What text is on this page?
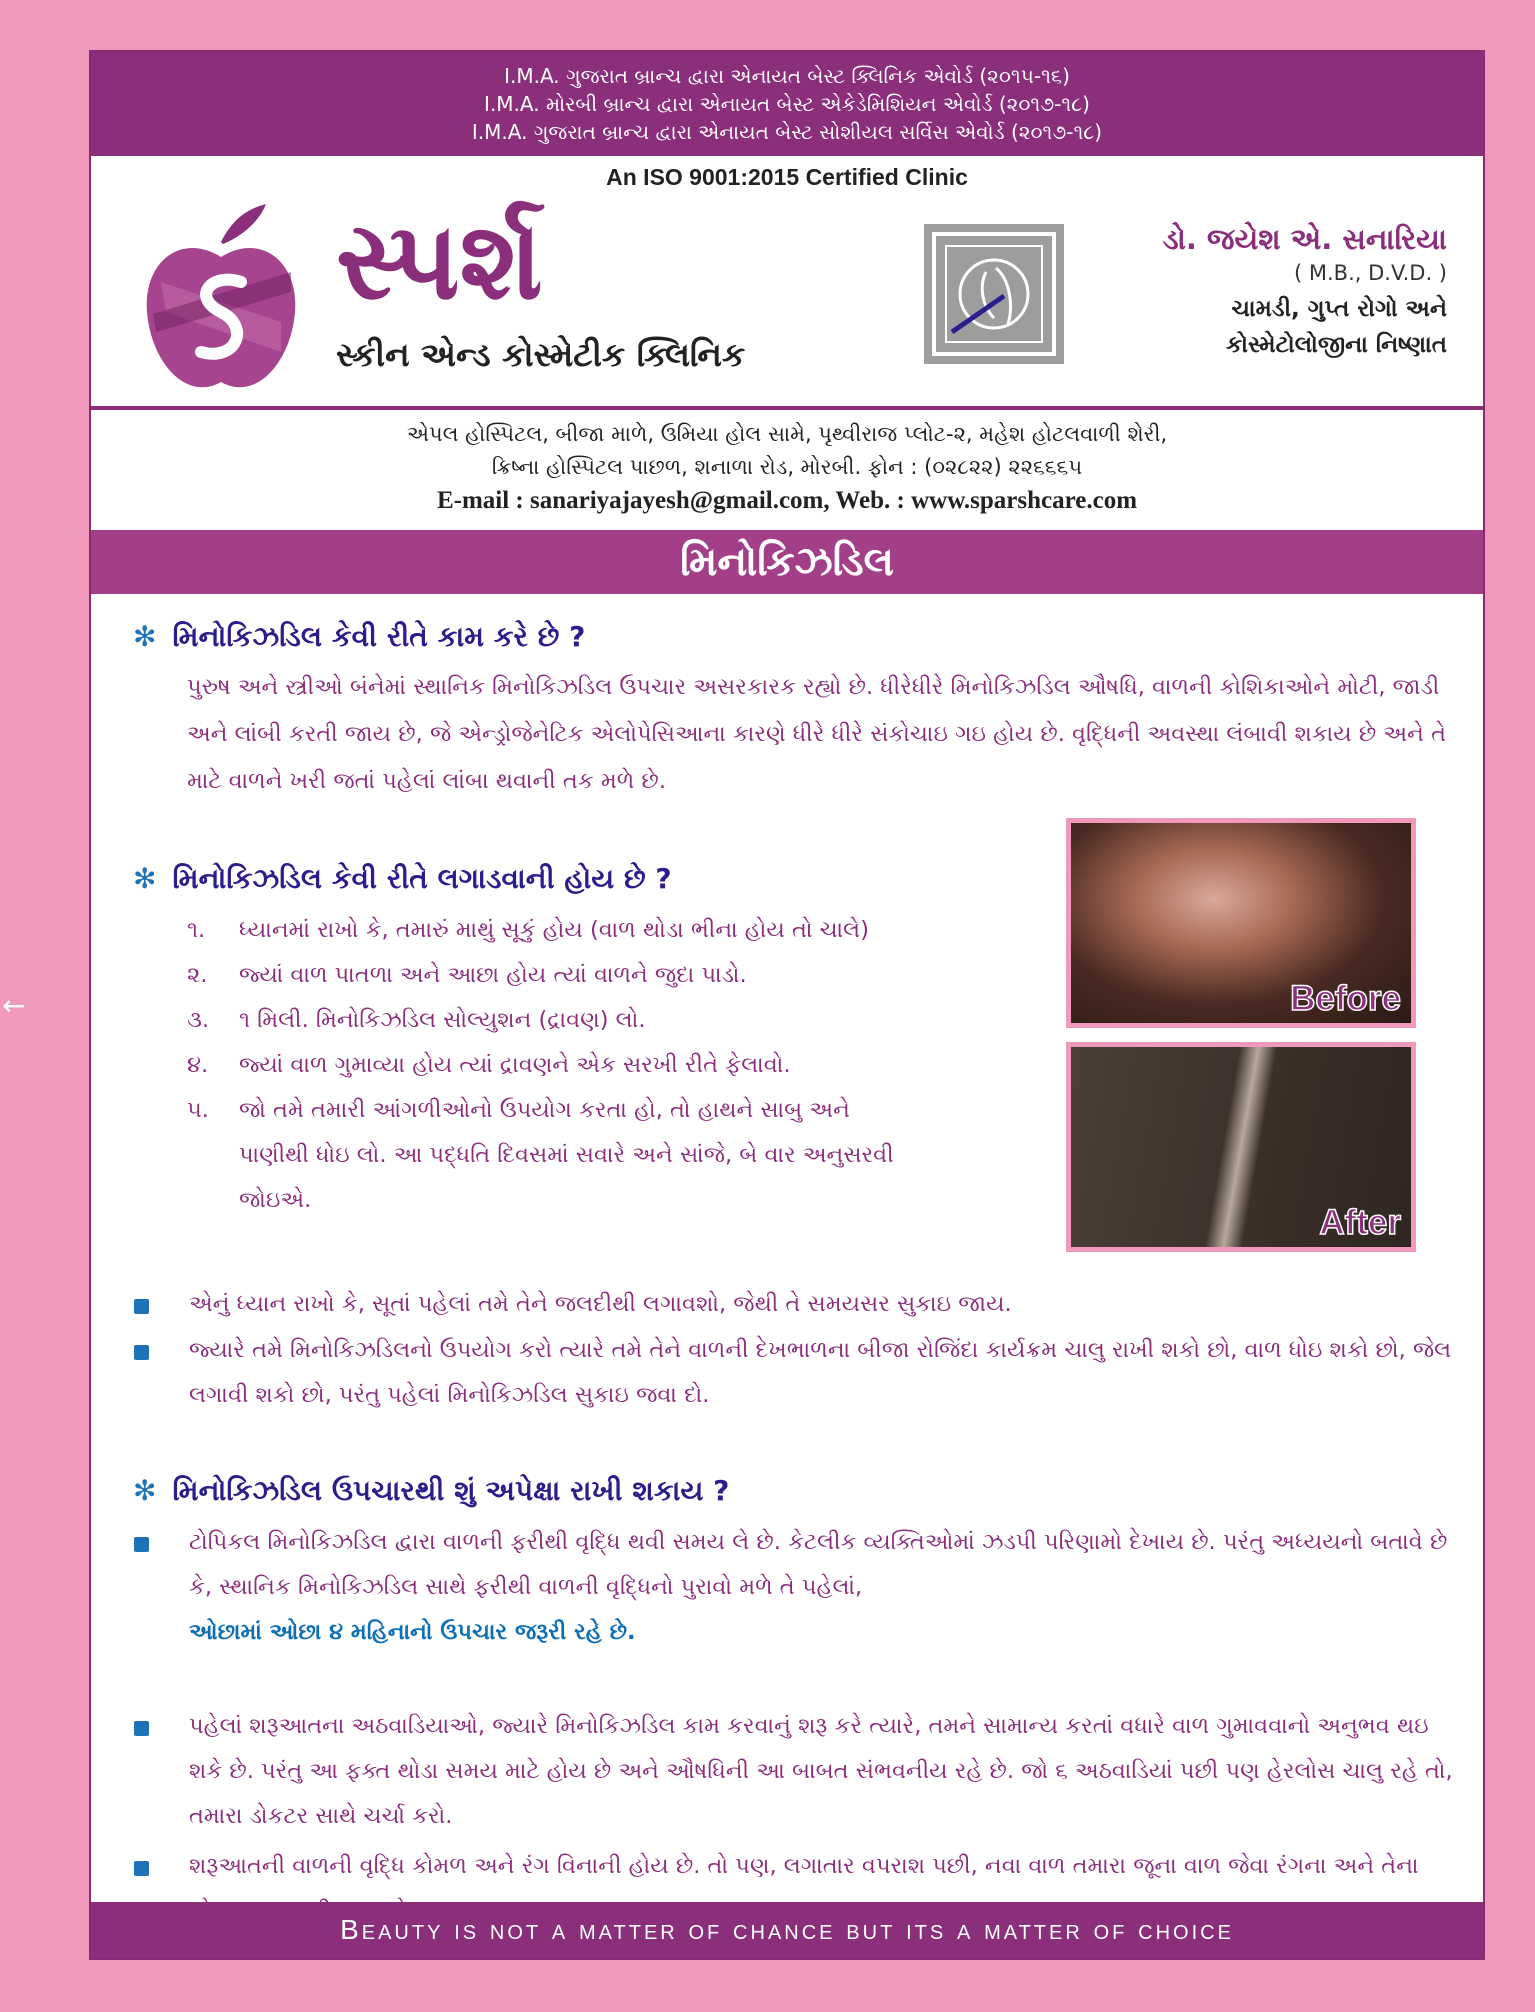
←
I.M.A. ગુજરાત બ્રાન્ચ દ્વારા એનાયત બેસ્ટ ક્લિનિક એવોર્ડ (૨૦૧૫-૧૬)
I.M.A. મોરબી બ્રાન્ચ દ્વારા એનાયત બેસ્ટ એકેડેમિશિયન એવોર્ડ (૨૦૧૭-૧૮)
I.M.A. ગુજરાત બ્રાન્ચ દ્વારા એનાયત બેસ્ટ સોશીયલ સર્વિસ એવોર્ડ (૨૦૧૭-૧૮)
An ISO 9001:2015 Certified Clinic
સ્પર્શ
સ્કીન એન્ડ કોસ્મેટીક ક્લિનિક
ડો. જયેશ એ. સનારિયા
( M.B., D.V.D. )
ચામડી, ગુપ્ત રોગો અને
કોસ્મેટોલોજીના નિષ્ણાત
એપલ હોસ્પિટલ, બીજા માળે, ઉમિયા હોલ સામે, પૃથ્વીરાજ પ્લોટ-૨, મહેશ હોટલવાળી શેરી,
ક્રિષ્ના હોસ્પિટલ પાછળ, શનાળા રોડ, મોરબી. ફોન : (૦૨૮૨૨) ૨૨૬૬૬૫
E-mail : sanariyajayesh@gmail.com, Web. : www.sparshcare.com
મિનોકિઝડિલ
✻ મિનોકિઝડિલ કેવી રીતે કામ કરે છે ?
પુરુષ અને સ્ત્રીઓ બંનેમાં સ્થાનિક મિનોકિઝડિલ ઉપચાર અસરકારક રહ્યો છે. ધીરેધીરે મિનોકિઝડિલ ઔષધિ, વાળની કોશિકાઓને મોટી, જાડી અને લાંબી કરતી જાય છે, જે એન્ડ્રોજેનેટિક એલોપેસિઆના કારણે ધીરે ધીરે સંકોચાઇ ગઇ હોય છે. વૃદ્ધિની અવસ્થા લંબાવી શકાય છે અને તે માટે વાળને ખરી જતાં પહેલાં લાંબા થવાની તક મળે છે.
✻ મિનોકિઝડિલ કેવી રીતે લગાડવાની હોય છે ?
૧.	ધ્યાનમાં રાખો કે, તમારું માથું સૂકું હોય (વાળ થોડા ભીના હોય તો ચાલે)
૨.	જ્યાં વાળ પાતળા અને આછા હોય ત્યાં વાળને જુદા પાડો.
૩.	૧ મિલી. મિનોકિઝડિલ સોલ્યુશન (દ્રાવણ) લો.
૪.	જ્યાં વાળ ગુમાવ્યા હોય ત્યાં દ્રાવણને એક સરખી રીતે ફેલાવો.
૫.	જો તમે તમારી આંગળીઓનો ઉપયોગ કરતા હો, તો હાથને સાબુ અને પાણીથી ધોઇ લો. આ પદ્ધતિ દિવસમાં સવારે અને સાંજે, બે વાર અનુસરવી જોઇએ.
Before
After
એનું ધ્યાન રાખો કે, સૂતાં પહેલાં તમે તેને જલદીથી લગાવશો, જેથી તે સમયસર સુકાઇ જાય.
જ્યારે તમે મિનોકિઝડિલનો ઉપયોગ કરો ત્યારે તમે તેને વાળની દેખભાળના બીજા રોજિંદા કાર્યક્રમ ચાલુ રાખી શકો છો, વાળ ધોઇ શકો છો, જેલ લગાવી શકો છો, પરંતુ પહેલાં મિનોકિઝડિલ સુકાઇ જવા દો.
✻ મિનોકિઝડિલ ઉપચારથી શું અપેક્ષા રાખી શકાય ?
ટોપિકલ મિનોકિઝડિલ દ્વારા વાળની ફરીથી વૃદ્ધિ થવી સમય લે છે. કેટલીક વ્યક્તિઓમાં ઝડપી પરિણામો દેખાય છે. પરંતુ અધ્યયનો બતાવે છે કે, સ્થાનિક મિનોકિઝડિલ સાથે ફરીથી વાળની વૃદ્ધિનો પુરાવો મળે તે પહેલાં,
ઓછામાં ઓછા ૪ મહિનાનો ઉપચાર જરૂરી રહે છે.
પહેલાં શરૂઆતના અઠવાડિયાઓ, જ્યારે મિનોકિઝડિલ કામ કરવાનું શરૂ કરે ત્યારે, તમને સામાન્ય કરતાં વધારે વાળ ગુમાવવાનો અનુભવ થઇ શકે છે. પરંતુ આ ફક્ત થોડા સમય માટે હોય છે અને ઔષધિની આ બાબત સંભવનીય રહે છે. જો ૬ અઠવાડિયાં પછી પણ હેરલોસ ચાલુ રહે તો, તમારા ડોકટર સાથે ચર્ચા કરો.
શરૂઆતની વાળની વૃદ્ધિ કોમળ અને રંગ વિનાની હોય છે. તો પણ, લગાતાર વપરાશ પછી, નવા વાળ તમારા જૂના વાળ જેવા રંગના અને તેના
Beauty is not a matter of chance but its a matter of choice
